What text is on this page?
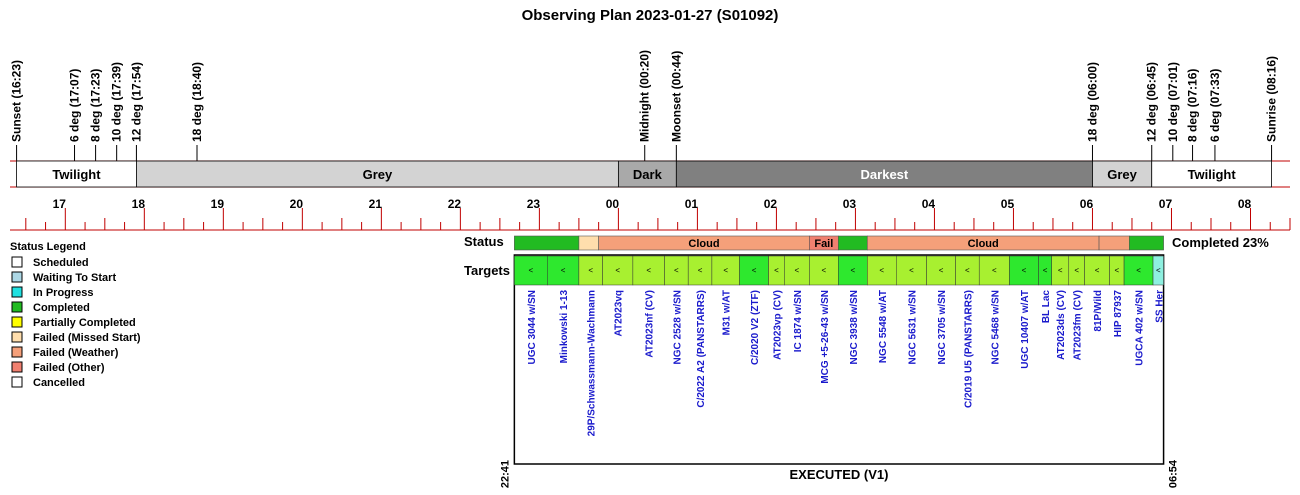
Observing Plan 2023-01-27 (S01092)
Sunset (16:23)	6 deg (17:07) 8 deg (17:23) 10 deg (17:39) 12 deg (17:54)	18 deg (18:40)	Midnight (00:20) Moonset (00:44)	18 deg (06:00)	12 deg (06:45) 10 deg (07:01) 8 deg (07:16) 6 deg (07:33)	Sunrise (08:16)
Twilight	Grey	Dark	Darkest	Grey	Twilight
17	18	19	20	21	22	23	00	01	02	03	04	05	06	07	08
Status Legend
Scheduled
Waiting To Start
In Progress
Completed
Partially Completed
Failed (Missed Start)
Failed (Weather)
Failed (Other)
Cancelled
Status	Cloud	Fail	Cloud	Completed 23%
Targets <
UGC 3044 w/SN
<
Minkowski 1-13
<
29P/Schwassmann-Wachmann
<
AT2023vq
<
AT2023nf (CV)
<
NGC 2528 w/SN
<
C/2022 A2 (PANSTARRS)
<
M31 w/AT
<
C/2020 V2 (ZTF)
<
AT2023vp (CV)
<
IC 1874 w/SN
<
MCG +5-26-43 w/SN
<
NGC 3938 w/SN
<
NGC 5548 w/AT
<
NGC 5631 w/SN
<
NGC 3705 w/SN
<
C/2019 U5 (PANSTARRS)
<
NGC 5468 w/SN
<
UGC 10407 w/AT
<
BL Lac
<
AT2023ds (CV)
<
AT2023fm (CV)
<
81P/Wild
<
HIP 87937
<
UGCA 402 w/SN
<
SS Her
22:41	06:54
EXECUTED (V1)
